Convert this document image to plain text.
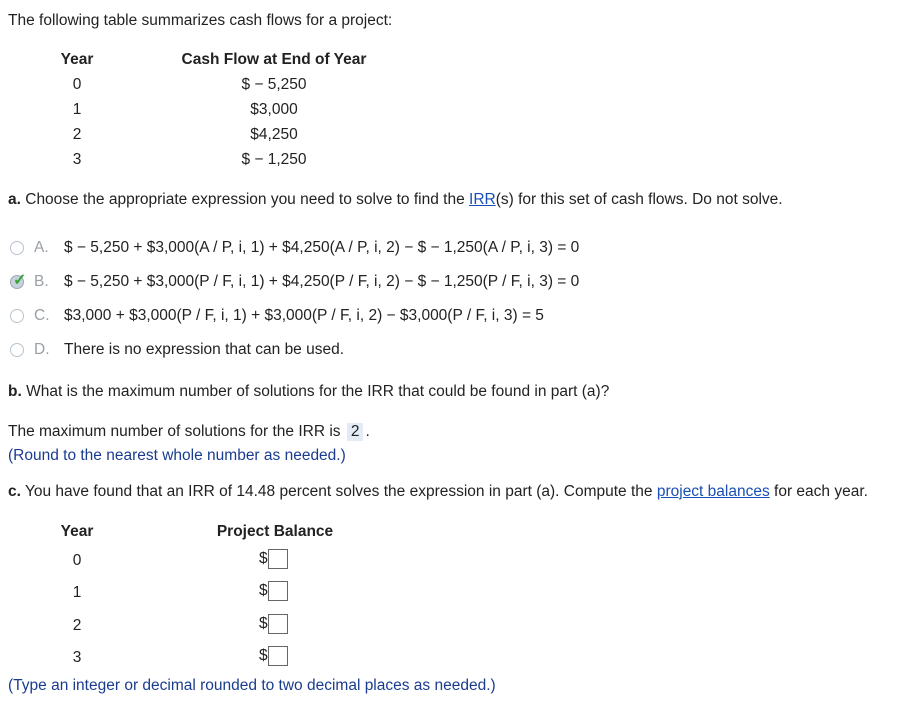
The following table summarizes cash flows for a project:
Year	Cash Flow at End of Year
0	$ − 5,250
1	$3,000
2	$4,250
3	$ − 1,250
a. Choose the appropriate expression you need to solve to find the IRR(s) for this set of cash flows. Do not solve.
A. $ − 5,250 + $3,000(A / P, i, 1) + $4,250(A / P, i, 2) − $ − 1,250(A / P, i, 3) = 0
✓ B. $ − 5,250 + $3,000(P / F, i, 1) + $4,250(P / F, i, 2) − $ − 1,250(P / F, i, 3) = 0
C. $3,000 + $3,000(P / F, i, 1) + $3,000(P / F, i, 2) − $3,000(P / F, i, 3) = 5
D. There is no expression that can be used.
b. What is the maximum number of solutions for the IRR that could be found in part (a)?
The maximum number of solutions for the IRR is 2 .
(Round to the nearest whole number as needed.)
c. You have found that an IRR of 14.48 percent solves the expression in part (a). Compute the project balances for each year.
Year	Project Balance
0	$
1	$
2	$
3	$
(Type an integer or decimal rounded to two decimal places as needed.)
